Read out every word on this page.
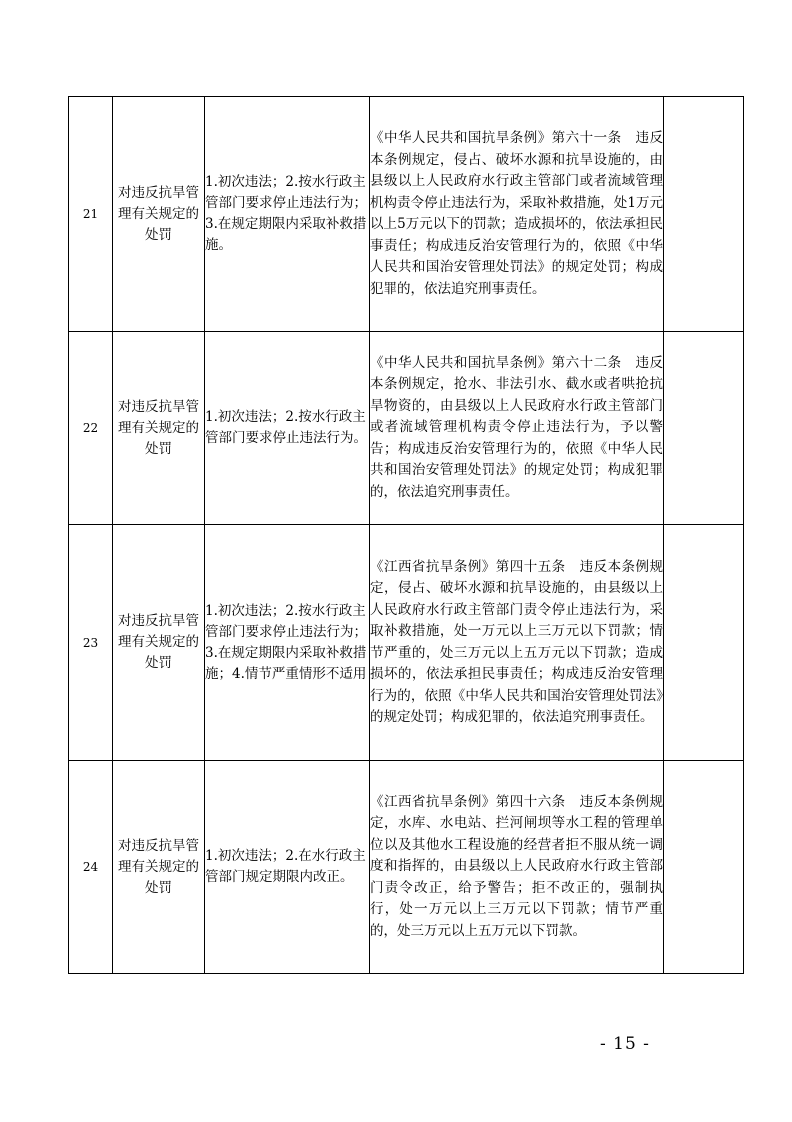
21	对违反抗旱管理有关规定的处罚	1.初次违法；2.按水行政主管部门要求停止违法行为；3.在规定期限内采取补救措施。	《中华人民共和国抗旱条例》第六十一条　违反本条例规定，侵占、破坏水源和抗旱设施的，由县级以上人民政府水行政主管部门或者流域管理机构责令停止违法行为，采取补救措施，处1万元以上5万元以下的罚款；造成损坏的，依法承担民事责任；构成违反治安管理行为的，依照《中华人民共和国治安管理处罚法》的规定处罚；构成犯罪的，依法追究刑事责任。	
22	对违反抗旱管理有关规定的处罚	1.初次违法；2.按水行政主管部门要求停止违法行为。	《中华人民共和国抗旱条例》第六十二条　违反本条例规定，抢水、非法引水、截水或者哄抢抗旱物资的，由县级以上人民政府水行政主管部门或者流域管理机构责令停止违法行为，予以警告；构成违反治安管理行为的，依照《中华人民共和国治安管理处罚法》的规定处罚；构成犯罪的，依法追究刑事责任。	
23	对违反抗旱管理有关规定的处罚	1.初次违法；2.按水行政主管部门要求停止违法行为；3.在规定期限内采取补救措施；4.情节严重情形不适用	《江西省抗旱条例》第四十五条　违反本条例规定，侵占、破坏水源和抗旱设施的，由县级以上人民政府水行政主管部门责令停止违法行为，采取补救措施，处一万元以上三万元以下罚款；情节严重的，处三万元以上五万元以下罚款；造成损坏的，依法承担民事责任；构成违反治安管理行为的，依照《中华人民共和国治安管理处罚法》的规定处罚；构成犯罪的，依法追究刑事责任。	
24	对违反抗旱管理有关规定的处罚	1.初次违法；2.在水行政主管部门规定期限内改正。	《江西省抗旱条例》第四十六条　违反本条例规定，水库、水电站、拦河闸坝等水工程的管理单位以及其他水工程设施的经营者拒不服从统一调度和指挥的，由县级以上人民政府水行政主管部门责令改正，给予警告；拒不改正的，强制执行，处一万元以上三万元以下罚款；情节严重的，处三万元以上五万元以下罚款。	
- 15 -
